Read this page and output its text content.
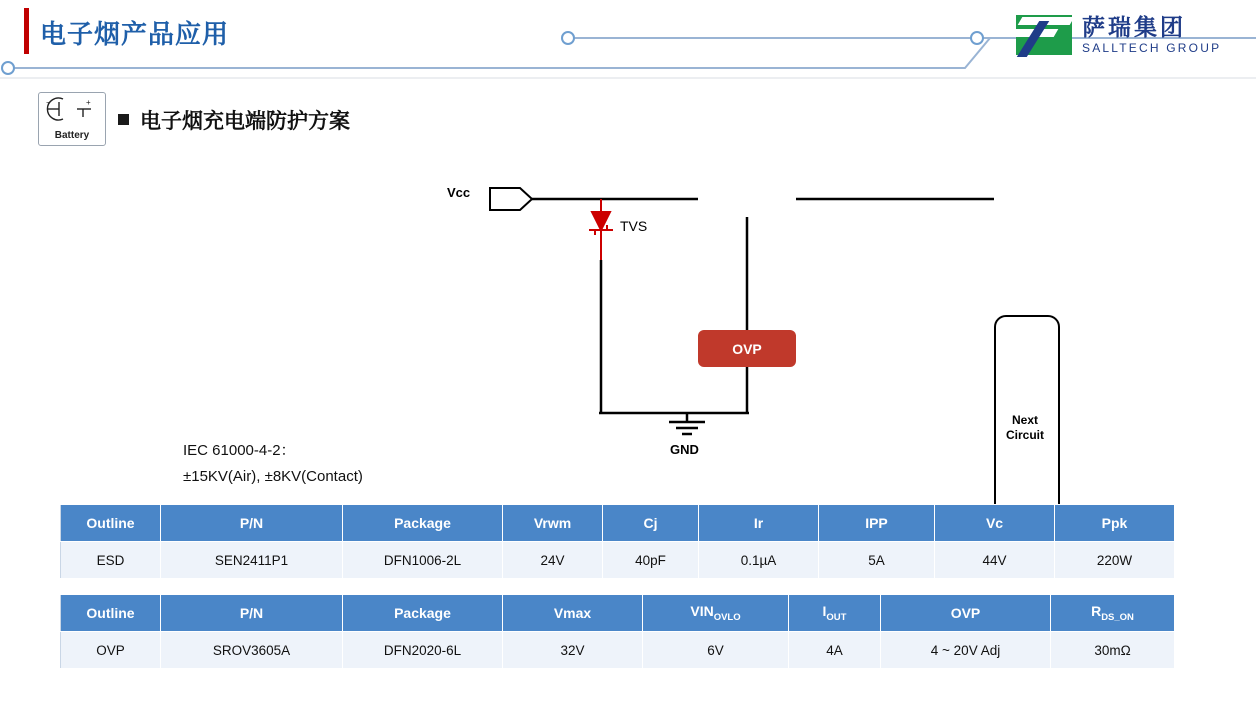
电子烟产品应用	萨瑞集团
SALLTECH GROUP
−	+
Battery
电子烟充电端防护方案
Vcc
TVS
GND
OVP
Next
Circuit
IEC 61000-4-2：
±15KV(Air), ±8KV(Contact)
Outline	P/N	Package	Vrwm	Cj	Ir	IPP	Vc	Ppk
ESD	SEN2411P1	DFN1006-2L	24V	40pF	0.1µA	5A	44V	220W
Outline	P/N	Package	Vmax	$VIN_{OVLO}$	$I_{OUT}$	OVP	$R_{DS\_ON}$
OVP	SROV3605A	DFN2020-6L	32V	6V	4A	4 ~ 20V Adj	30mΩ
